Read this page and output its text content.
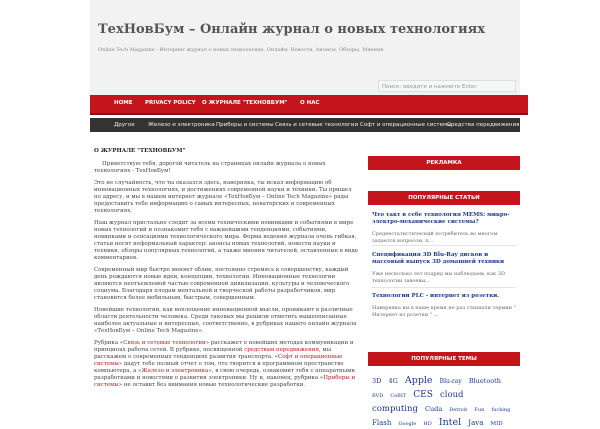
ТехНовБум – Онлайн журнал о новых технологиях
Online Tech Magazine - Интернет журнал о новых технологиях. Онлайн: Новости, Анонсы, Обзоры, Мнения
Поиск: введите и нажмите Enter
HOME PRIVACY POLICY О ЖУРНАЛЕ "ТЕХНОВБУМ" О НАС
Другое Железо и электроника Приборы и системы Связь и сетевые технологии Софт и операционные системы
Средства передвижения
О ЖУРНАЛЕ "ТЕХНОВБУМ"

Приветствую тебя, дорогой читатель на страницах онлайн журнала о новых технологиях - ТехНовБум!

Это не случайность, что ты оказался здесь, наверняка, ты искал информацию об инновационных технологиях, и достижениях современной науки и техники. Ты пришел по адресу, и мы в нашем интернет журнале «ТехНовБум – Online Tech Magazine» рады предоставить тебе информацию о самых интересных, новаторских и современных технологиях.

Наш журнал пристально следит за всеми техническими новинками и событиями в мире новых технологий и познакомит тебя с важнейшими тенденциями, событиями, новинками и сенсациями технологического мира. Форма ведения журнала очень гибкая, статьи носят неформальный характер: анонсы новых технологий, новости науки и техники, обзоры популярных технологий, а также мнения читателей, оставленные в виде комментариев.

Современный мир быстро меняет облик, постоянно стремясь к совершенству, каждый день рождаются новые идеи, концепции, технологии. Инновационные технологии являются неотъемлемой частью современной цивилизации, культуры и человеческого социума. Благодаря плодам ментальной и творческой работы разработчиков, мир становится более мобильным, быстрым, совершенным.

Новейшие технологии, как воплощение инновационной мысли, проникают в различные области деятельности человека. Среди таковых мы решили отметить вышеописанные наиболее актуальные и интересные, соответственно, в рубриках нашего онлайн журнала «ТехНовБум – Online Tech Magazine».

Рубрика «Связь и сетевые технологии» расскажет о новейших методах коммуникации и принципах работы сетей. В рубрике, посвященной средствам передвижения, мы расскажем о современных тенденциях развития транспорта. «Софт и операционные системы» дадут тебе полный отчет о том, что творится в программном пространстве компьютера, а «Железо и электроника», в свою очередь, ознакомит тебя с аппаратными разработками и новостями о развитии электроники. Ну и, наконец, рубрика «Приборы и системы» не оставит без внимания новые технологические разработки.

РЕКЛАМКА
ПОПУЛЯРНЫЕ СТАТЬИ
Что такт в себе технология MEMS: микро-электро-механические системы?
Среднестатистический потребитель во многом задается вопросом, п...
Спецификация 3D Blu-Ray дисков и массовый выпуск 3D домашней техники
Уже несколько лет подряд мы наблюдаем, как 3D технологии завоевы...
Технологии PLC - интернет из розетки.
Наверняка вы в наше время не раз слышали термин " Интернет из розетки " ...
ПОПУЛЯРНЫЕ ТЕМЫ
3D 4G Apple Blu-ray Bluetooth BVD CeBIT CES cloud computing Cuda Detroit Fun fucking Flash Google HD Intel Java MID
